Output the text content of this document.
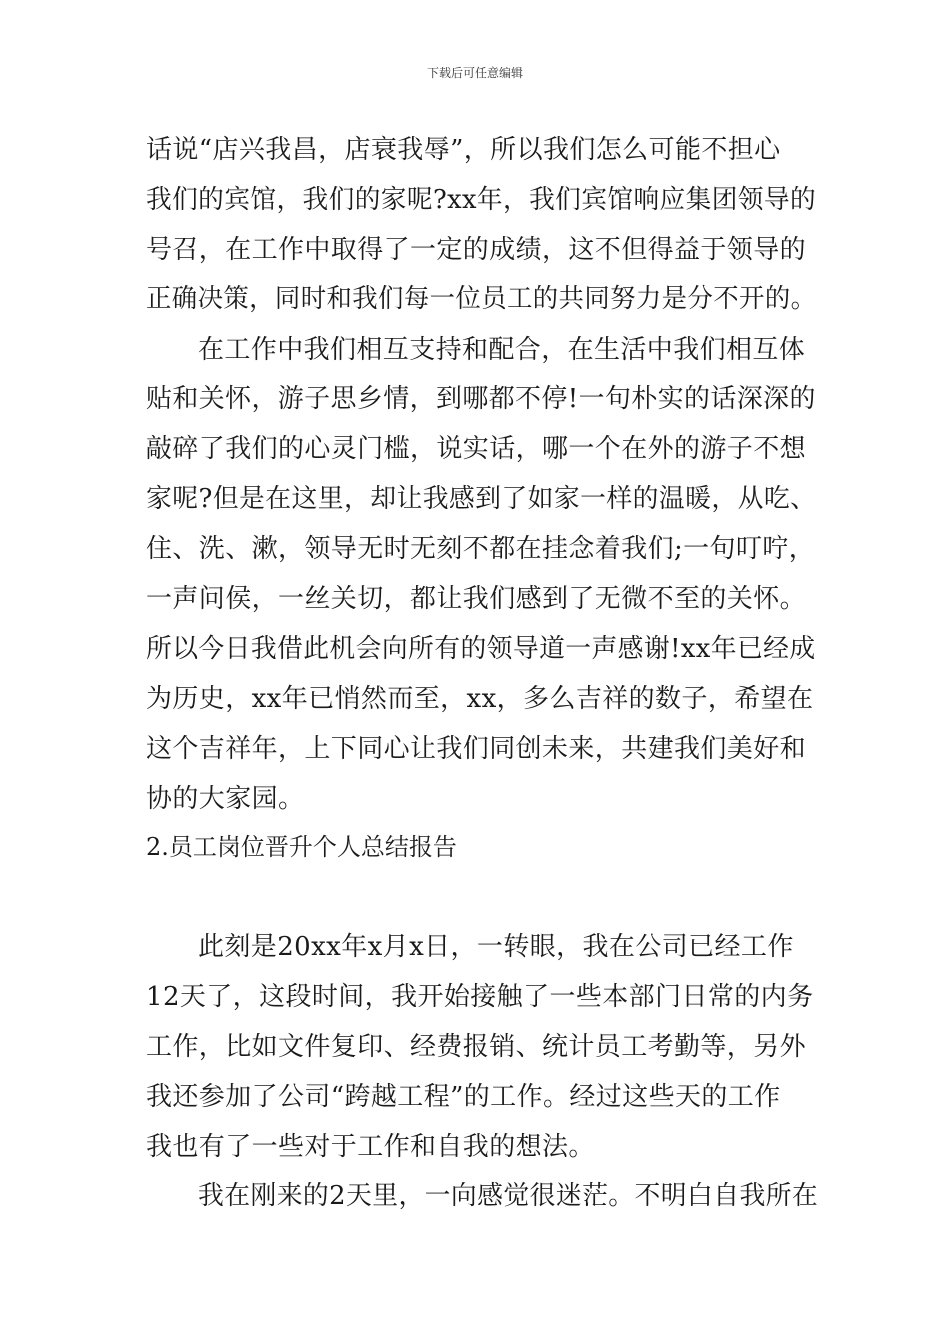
下载后可任意编辑
话说“店兴我昌，店衰我辱”，所以我们怎么可能不担心
我们的宾馆，我们的家呢?xx年，我们宾馆响应集团领导的
号召，在工作中取得了一定的成绩，这不但得益于领导的
正确决策，同时和我们每一位员工的共同努力是分不开的。
在工作中我们相互支持和配合，在生活中我们相互体
贴和关怀，游子思乡情，到哪都不停!一句朴实的话深深的
敲碎了我们的心灵门槛，说实话，哪一个在外的游子不想
家呢?但是在这里，却让我感到了如家一样的温暖，从吃、
住、洗、漱，领导无时无刻不都在挂念着我们;一句叮咛，
一声问侯，一丝关切，都让我们感到了无微不至的关怀。
所以今日我借此机会向所有的领导道一声感谢!xx年已经成
为历史，xx年已悄然而至，xx，多么吉祥的数子，希望在
这个吉祥年，上下同心让我们同创未来，共建我们美好和
协的大家园。
2.员工岗位晋升个人总结报告
此刻是20xx年x月x日，一转眼，我在公司已经工作
12天了，这段时间，我开始接触了一些本部门日常的内务
工作，比如文件复印、经费报销、统计员工考勤等，另外
我还参加了公司“跨越工程”的工作。经过这些天的工作
我也有了一些对于工作和自我的想法。
我在刚来的2天里，一向感觉很迷茫。不明白自我所在
